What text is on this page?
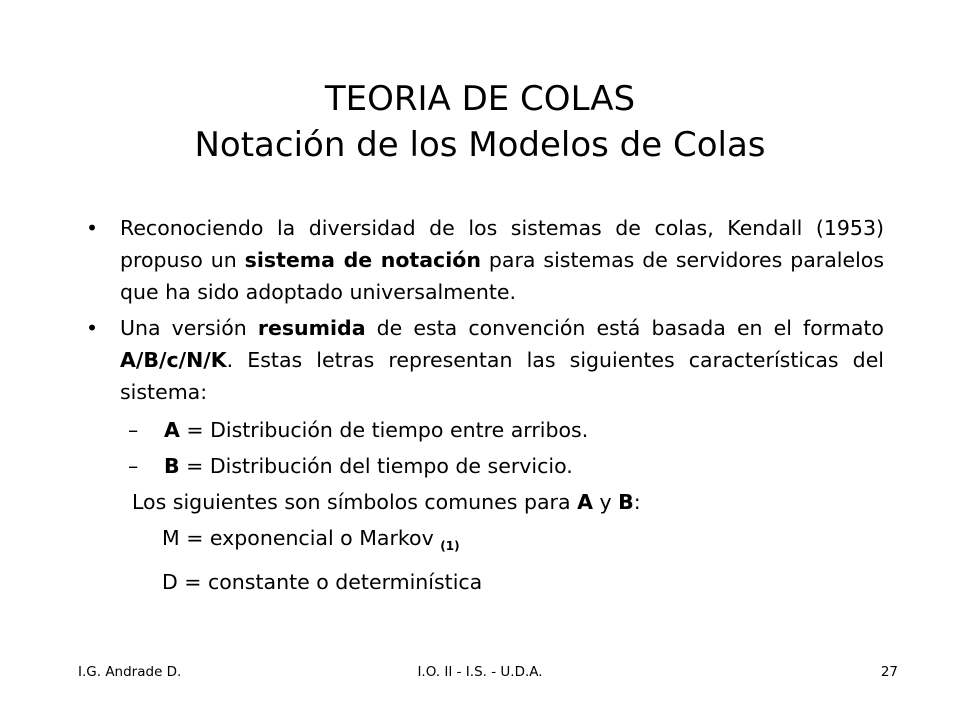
TEORIA DE COLAS
Notación de los Modelos de Colas
• Reconociendo la diversidad de los sistemas de colas, Kendall (1953) propuso un sistema de notación para sistemas de servidores paralelos que ha sido adoptado universalmente.
• Una versión resumida de esta convención está basada en el formato A/B/c/N/K. Estas letras representan las siguientes características del sistema:
– A = Distribución de tiempo entre arribos.
– B = Distribución del tiempo de servicio.
Los siguientes son símbolos comunes para A y B:
M = exponencial o Markov $_{(1)}$
D = constante o determinística
I.G. Andrade D.	I.O. II - I.S. - U.D.A.	27
